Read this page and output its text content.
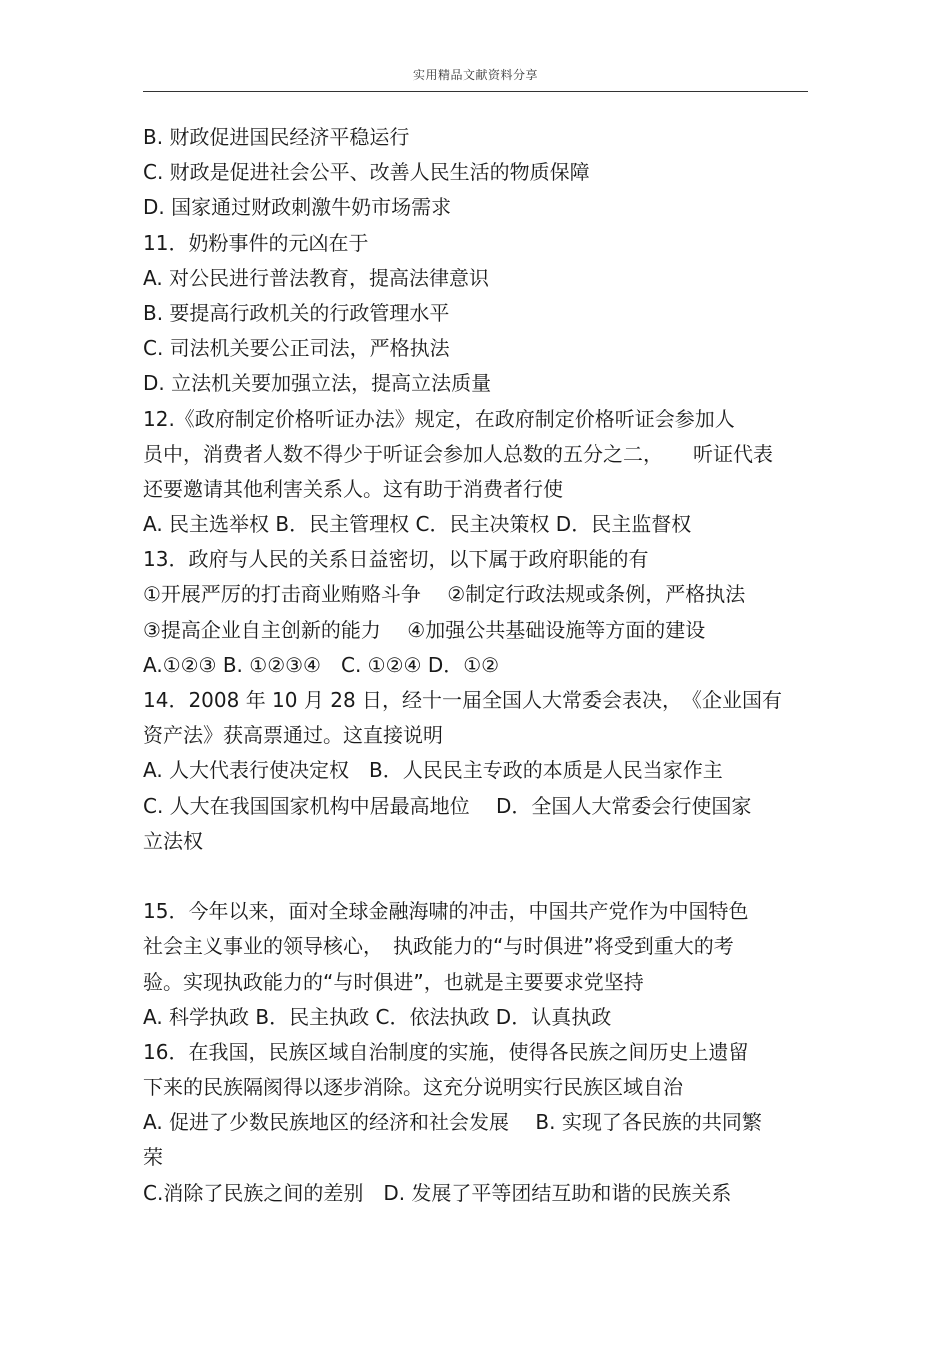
实用精品文献资料分享
B. 财政促进国民经济平稳运行
C. 财政是促进社会公平、改善人民生活的物质保障
D. 国家通过财政刺激牛奶市场需求
11．奶粉事件的元凶在于
A. 对公民进行普法教育，提高法律意识
B. 要提高行政机关的行政管理水平
C. 司法机关要公正司法，严格执法
D. 立法机关要加强立法，提高立法质量
12.《政府制定价格听证办法》规定，在政府制定价格听证会参加人
员中，消费者人数不得少于听证会参加人总数的五分之二，　　听证代表
还要邀请其他利害关系人。这有助于消费者行使
A. 民主选举权 B．民主管理权 C．民主决策权 D．民主监督权
13．政府与人民的关系日益密切，以下属于政府职能的有
①开展严厉的打击商业贿赂斗争　 ②制定行政法规或条例，严格执法
③提高企业自主创新的能力　 ④加强公共基础设施等方面的建设
A.①②③ B. ①②③④　C. ①②④ D．①②
14．2008 年 10 月 28 日，经十一届全国人大常委会表决，　《企业国有
资产法》获高票通过。这直接说明
A. 人大代表行使决定权　B．人民民主专政的本质是人民当家作主
C. 人大在我国国家机构中居最高地位　 D．全国人大常委会行使国家
立法权
15．今年以来，面对全球金融海啸的冲击，中国共产党作为中国特色
社会主义事业的领导核心，　执政能力的“与时俱进”将受到重大的考
验。实现执政能力的“与时俱进”，也就是主要要求党坚持
A. 科学执政 B．民主执政 C．依法执政 D．认真执政
16．在我国，民族区域自治制度的实施，使得各民族之间历史上遗留
下来的民族隔阂得以逐步消除。这充分说明实行民族区域自治
A. 促进了少数民族地区的经济和社会发展　 B. 实现了各民族的共同繁
荣
C.消除了民族之间的差别　D. 发展了平等团结互助和谐的民族关系
